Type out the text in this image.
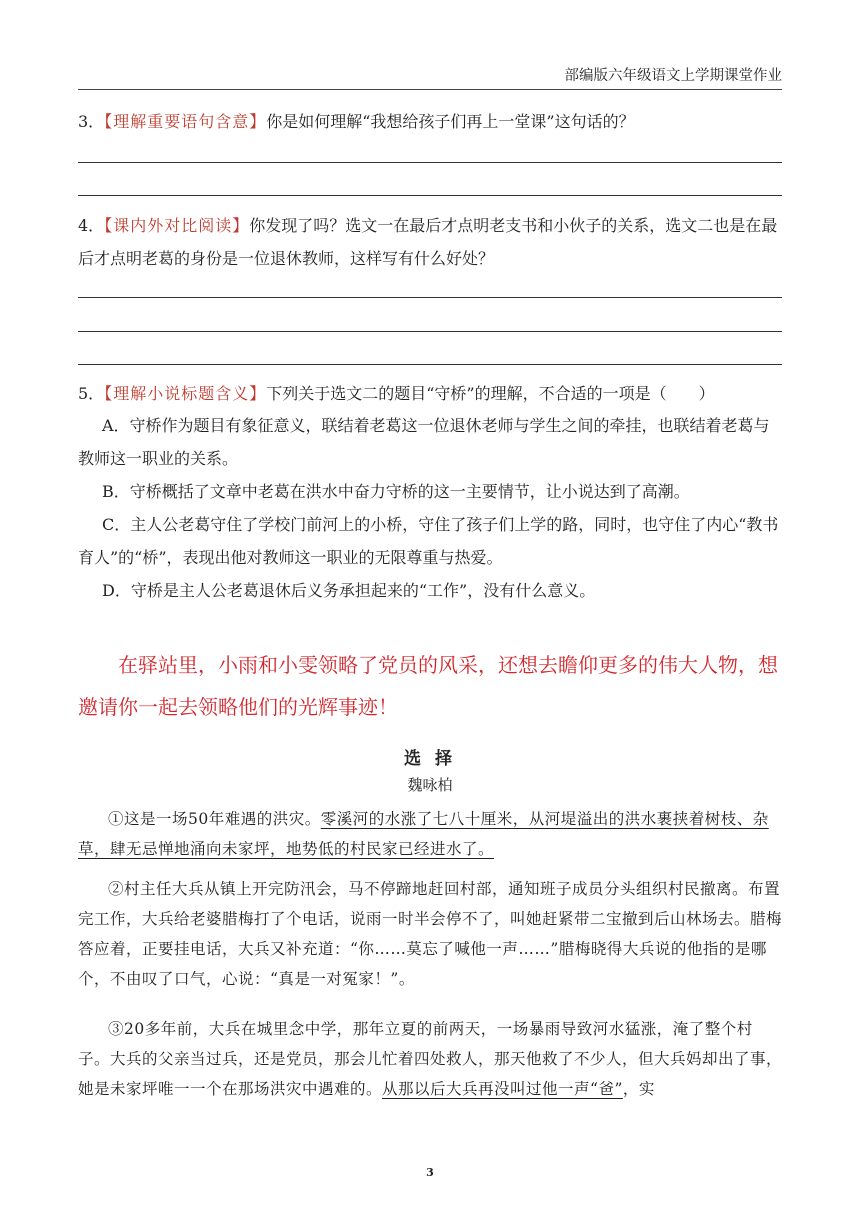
部编版六年级语文上学期课堂作业
3．【理解重要语句含意】你是如何理解“我想给孩子们再上一堂课”这句话的？
4．【课内外对比阅读】你发现了吗？选文一在最后才点明老支书和小伙子的关系，选文二也是在最后才点明老葛的身份是一位退休教师，这样写有什么好处？
5．【理解小说标题含义】下列关于选文二的题目“守桥”的理解，不合适的一项是（　　）
A．守桥作为题目有象征意义，联结着老葛这一位退休老师与学生之间的牵挂，也联结着老葛与教师这一职业的关系。
B．守桥概括了文章中老葛在洪水中奋力守桥的这一主要情节，让小说达到了高潮。
C．主人公老葛守住了学校门前河上的小桥，守住了孩子们上学的路，同时，也守住了内心“教书育人”的“桥”，表现出他对教师这一职业的无限尊重与热爱。
D．守桥是主人公老葛退休后义务承担起来的“工作”，没有什么意义。
在驿站里，小雨和小雯领略了党员的风采，还想去瞻仰更多的伟大人物，想邀请你一起去领略他们的光辉事迹！
选 择
魏咏柏
①这是一场50年难遇的洪灾。零溪河的水涨了七八十厘米，从河堤溢出的洪水裹挟着树枝、杂草，肆无忌惮地涌向未家坪，地势低的村民家已经进水了。
②村主任大兵从镇上开完防汛会，马不停蹄地赶回村部，通知班子成员分头组织村民撤离。布置完工作，大兵给老婆腊梅打了个电话，说雨一时半会停不了，叫她赶紧带二宝撤到后山林场去。腊梅答应着，正要挂电话，大兵又补充道：“你……莫忘了喊他一声……”腊梅晓得大兵说的他指的是哪个，不由叹了口气，心说：“真是一对冤家！”。
③20多年前，大兵在城里念中学，那年立夏的前两天，一场暴雨导致河水猛涨，淹了整个村子。大兵的父亲当过兵，还是党员，那会儿忙着四处救人，那天他救了不少人，但大兵妈却出了事，她是未家坪唯一一个在那场洪灾中遇难的。从那以后大兵再没叫过他一声“爸”，实
3
